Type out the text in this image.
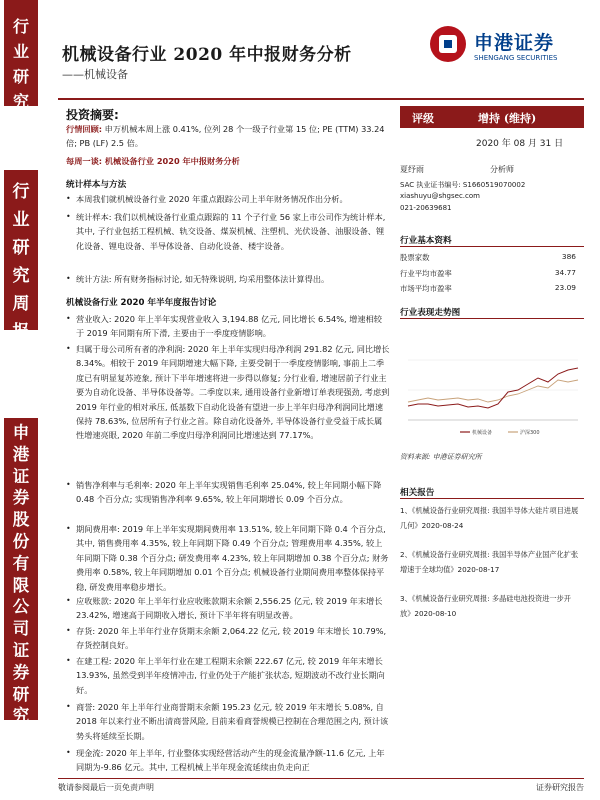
行
业
研
究
行
业
研
究
周
报
申
港
证
券
股
份
有
限
公
司
证
券
研
究
报
告
机械设备行业 2020 年中报财务分析
——机械设备
申港证券
SHENGANG SECURITIES
投资摘要:
行情回顾: 申万机械本周上涨 0.41%, 位列 28 个一级子行业第 15 位; PE (TTM) 33.24 倍; PB (LF) 2.5 倍。
每周一谈: 机械设备行业 2020 年中报财务分析
统计样本与方法
• 本周我们就机械设备行业 2020 年重点跟踪公司上半年财务情况作出分析。
• 统计样本: 我们以机械设备行业重点跟踪的 11 个子行业 56 家上市公司作为统计样本, 其中, 子行业包括工程机械、轨交设备、煤炭机械、注塑机、光伏设备、油服设备、锂化设备、锂电设备、半导体设备、自动化设备、楼宇设备。
• 统计方法: 所有财务指标讨论, 如无特殊说明, 均采用整体法计算得出。
机械设备行业 2020 年半年度报告讨论
• 营业收入: 2020 年上半年实现营业收入 3,194.88 亿元, 同比增长 6.54%, 增速相较于 2019 年同期有所下滑, 主要由于一季度疫情影响。
• 归属于母公司所有者的净利润: 2020 年上半年实现归母净利润 291.82 亿元, 同比增长 8.34%。相较于 2019 年同期增速大幅下降, 主要受制于一季度疫情影响, 事前上二季度已有明显复苏迹象, 预计下半年增速将进一步得以修复; 分行业看, 增速居前子行业主要为自动化设备、半导体设备等。二季度以来, 通用设备行业新增订单表现强劲, 考虑到 2019 年行业的相对承压, 低基数下自动化设备有望进一步上半年归母净利润同比增速保持 78.63%, 位居所有子行业之首。除自动化设备外, 半导体设备行业受益于成长属性增速亮眼, 2020 年前二季度归母净利润同比增速达到 77.17%。
• 销售净利率与毛利率: 2020 年上半年实现销售毛利率 25.04%, 较上年同期小幅下降 0.48 个百分点; 实现销售净利率 9.65%, 较上年同期增长 0.09 个百分点。
• 期间费用率: 2019 年上半年实现期间费用率 13.51%, 较上年同期下降 0.4 个百分点, 其中, 销售费用率 4.35%, 较上年同期下降 0.49 个百分点; 管理费用率 4.35%, 较上年同期下降 0.38 个百分点; 研发费用率 4.23%, 较上年同期增加 0.38 个百分点; 财务费用率 0.58%, 较上年同期增加 0.01 个百分点; 机械设备行业期间费用率整体保持平稳, 研发费用率稳步增长。
• 应收账款: 2020 年上半年行业应收账款期末余额 2,556.25 亿元, 较 2019 年末增长 23.42%, 增速高于同期收入增长, 预计下半年将有明显改善。
• 存货: 2020 年上半年行业存货期末余额 2,064.22 亿元, 较 2019 年末增长 10.79%, 存货控制良好。
• 在建工程: 2020 年上半年行业在建工程期末余额 222.67 亿元, 较 2019 年年末增长 13.93%, 虽然受到半年疫情冲击, 行业仍处于产能扩张状态, 短期波动不改行业长期向好。
• 商誉: 2020 年上半年行业商誉期末余额 195.23 亿元, 较 2019 年末增长 5.08%, 自 2018 年以来行业不断出清商誉风险, 目前来看商誉规模已控制在合理范围之内, 预计该势头将延续至长期。
• 现金流: 2020 年上半年, 行业整体实现经营活动产生的现金流量净额-11.6 亿元, 上年同期为-9.86 亿元。其中, 工程机械上半年现金流延续由负走向正
评级	增持 (维持)
2020 年 08 月 31 日
夏纾雨	分析师
SAC 执业证书编号: S1660519070002
xiashuyu@shgsec.com
021-20639681
行业基本资料
股票家数	386
行业平均市盈率	34.77
市场平均市盈率	23.09
行业表现走势图
机械设备	沪深300
资料来源: 申港证券研究所
相关报告
1、《机械设备行业研究周报: 我国半导体大硅片项目进展几何》2020-08-24
2、《机械设备行业研究周报: 我国半导体产业国产化扩张增速于全球均值》2020-08-17
3、《机械设备行业研究周报: 多晶硅电池投资进一步开放》2020-08-10
敬请参阅最后一页免责声明	证券研究报告
